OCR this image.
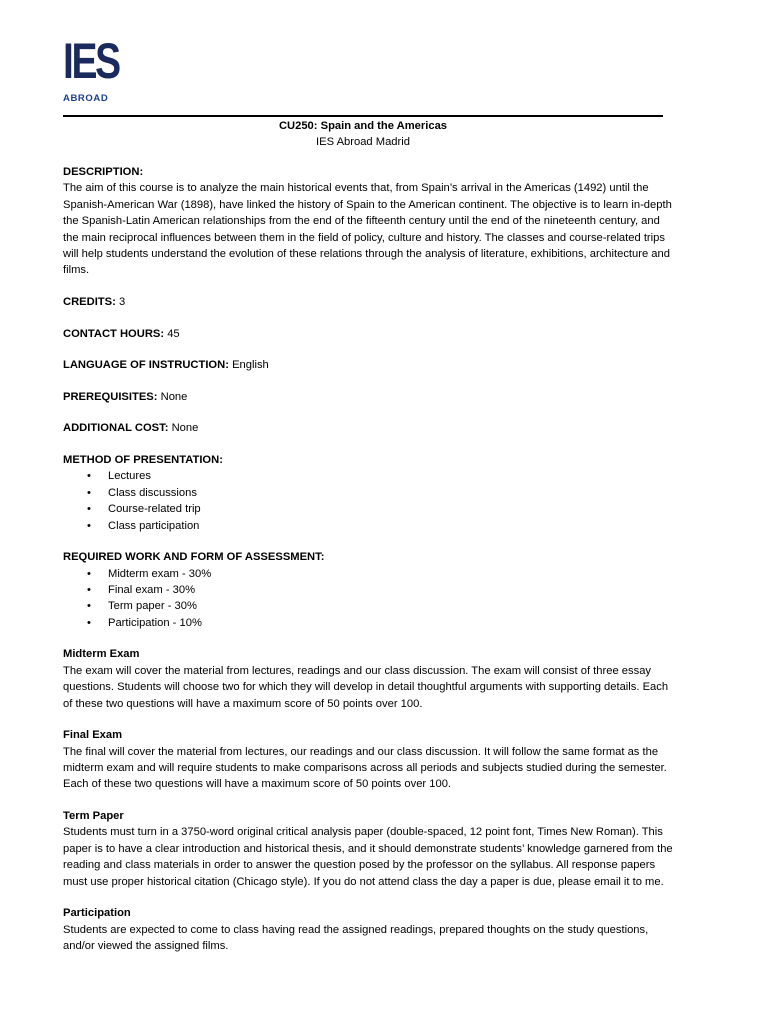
IES
ABROAD
CU250: Spain and the Americas
IES Abroad Madrid
DESCRIPTION:

The aim of this course is to analyze the main historical events that, from Spain’s arrival in the Americas (1492) until the Spanish-American War (1898), have linked the history of Spain to the American continent. The objective is to learn in-depth the Spanish-Latin American relationships from the end of the fifteenth century until the end of the nineteenth century, and the main reciprocal influences between them in the field of policy, culture and history. The classes and course-related trips will help students understand the evolution of these relations through the analysis of literature, exhibitions, architecture and films.

CREDITS: 3
CONTACT HOURS: 45
LANGUAGE OF INSTRUCTION: English
PREREQUISITES: None
ADDITIONAL COST: None
METHOD OF PRESENTATION:
• Lectures
• Class discussions
• Course-related trip
• Class participation
REQUIRED WORK AND FORM OF ASSESSMENT:
• Midterm exam - 30%
• Final exam - 30%
• Term paper - 30%
• Participation - 10%
Midterm Exam

The exam will cover the material from lectures, readings and our class discussion. The exam will consist of three essay questions. Students will choose two for which they will develop in detail thoughtful arguments with supporting details. Each of these two questions will have a maximum score of 50 points over 100.

Final Exam

The final will cover the material from lectures, our readings and our class discussion. It will follow the same format as the midterm exam and will require students to make comparisons across all periods and subjects studied during the semester. Each of these two questions will have a maximum score of 50 points over 100.

Term Paper

Students must turn in a 3750-word original critical analysis paper (double-spaced, 12 point font, Times New Roman). This paper is to have a clear introduction and historical thesis, and it should demonstrate students’ knowledge garnered from the reading and class materials in order to answer the question posed by the professor on the syllabus. All response papers must use proper historical citation (Chicago style). If you do not attend class the day a paper is due, please email it to me.

Participation

Students are expected to come to class having read the assigned readings, prepared thoughts on the study questions, and/or viewed the assigned films.
